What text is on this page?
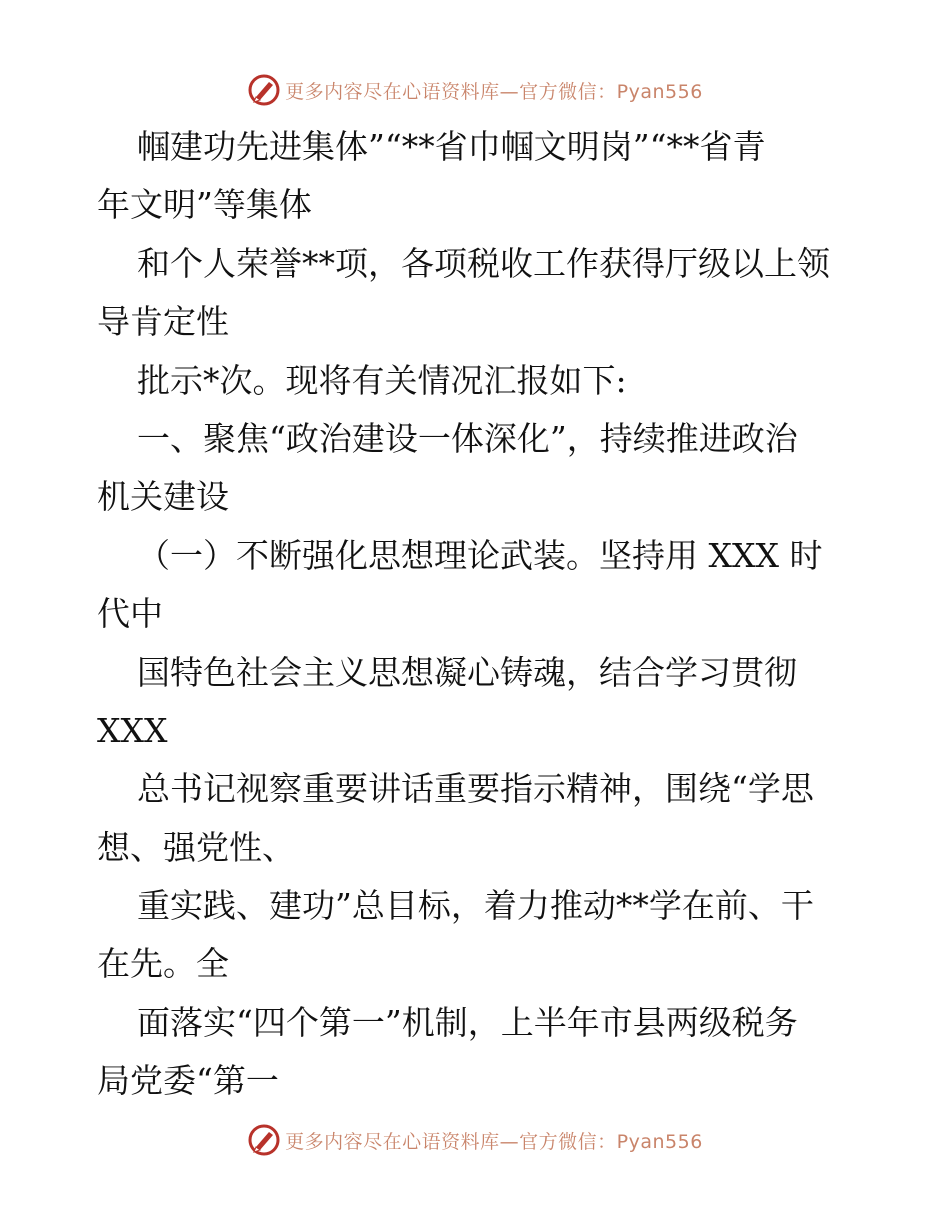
更多内容尽在心语资料库—官方微信：Pyan556
帼建功先进集体”“**省巾帼文明岗”“**省青
年文明”等集体
和个人荣誉**项，各项税收工作获得厅级以上领
导肯定性
批示*次。现将有关情况汇报如下:
一、聚焦“政治建设一体深化”，持续推进政治
机关建设
（一）不断强化思想理论武装。坚持用 XXX 时
代中
国特色社会主义思想凝心铸魂，结合学习贯彻
XXX
总书记视察重要讲话重要指示精神，围绕“学思
想、强党性、
重实践、建功”总目标，着力推动**学在前、干
在先。全
面落实“四个第一”机制，上半年市县两级税务
局党委“第一
更多内容尽在心语资料库—官方微信：Pyan556
